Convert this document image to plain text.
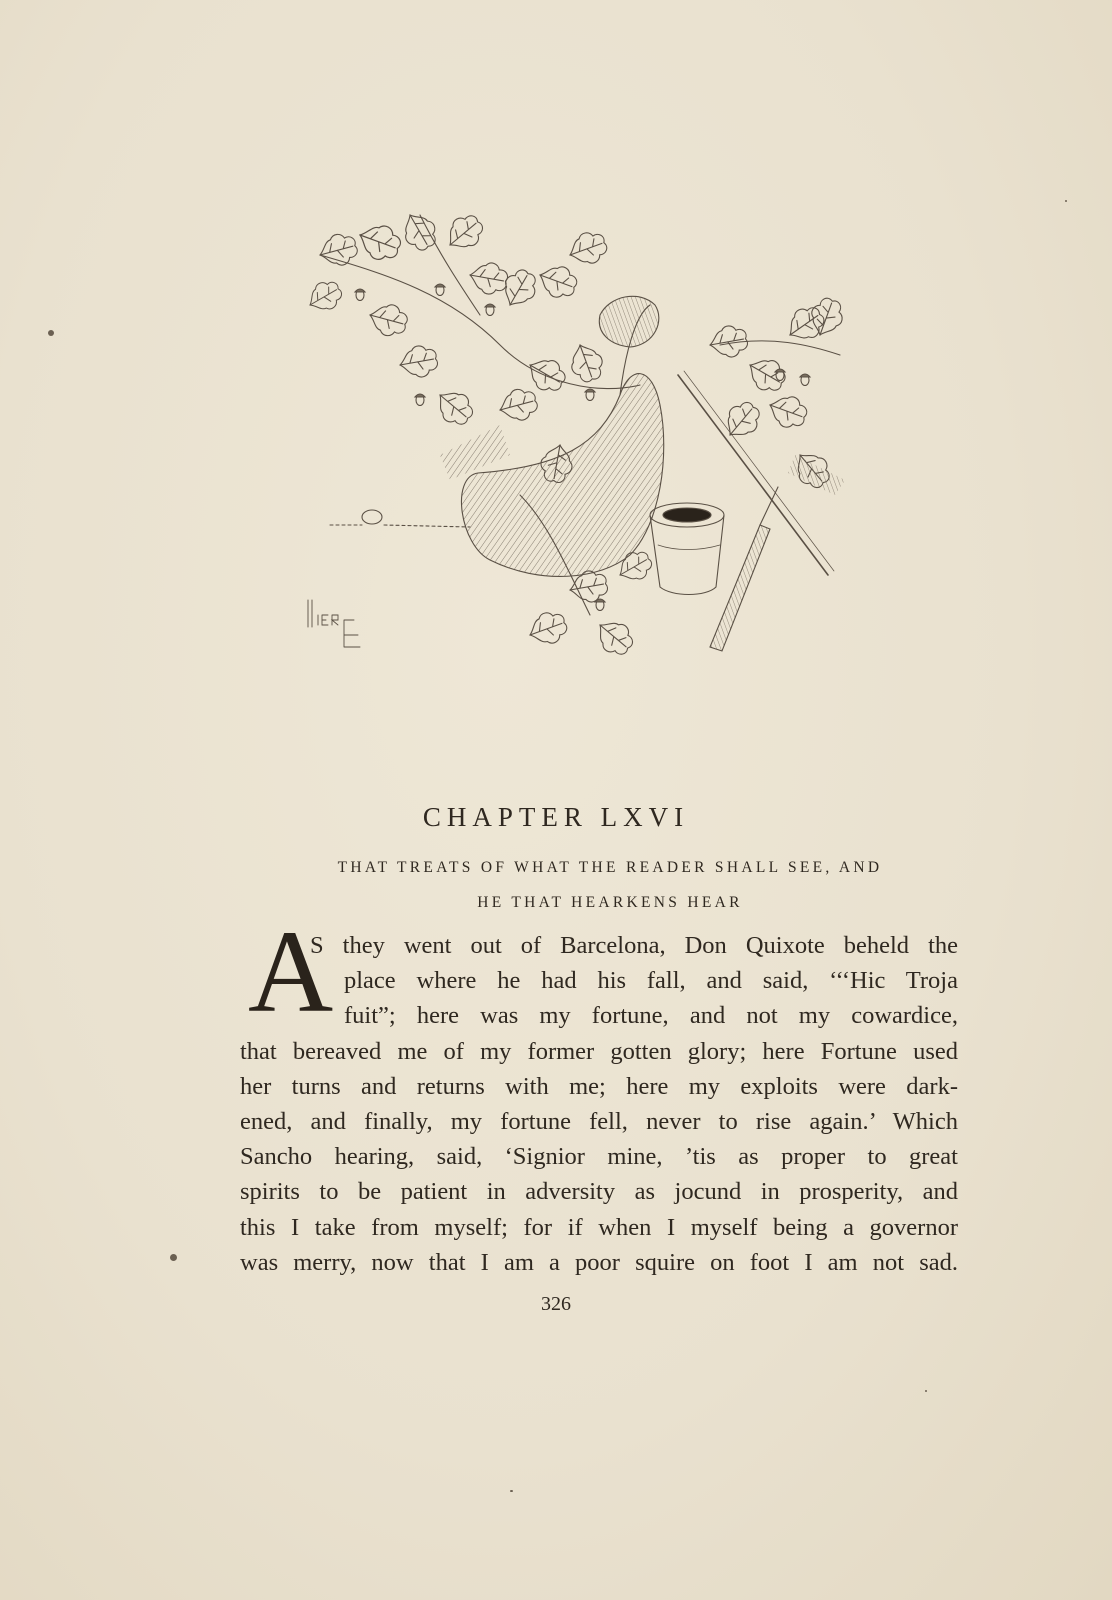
CHAPTER LXVI
THAT TREATS OF WHAT THE READER SHALL SEE, AND
HE THAT HEARKENS HEAR
A
S they went out of Barcelona, Don Quixote beheld the
place where he had his fall, and said, ‘‘‘Hic Troja
fuit”; here was my fortune, and not my cowardice,
that bereaved me of my former gotten glory; here Fortune used
her turns and returns with me; here my exploits were dark-
ened, and finally, my fortune fell, never to rise again.’ Which
Sancho hearing, said, ‘Signior mine, ’tis as proper to great
spirits to be patient in adversity as jocund in prosperity, and
this I take from myself; for if when I myself being a governor
was merry, now that I am a poor squire on foot I am not sad.
326
